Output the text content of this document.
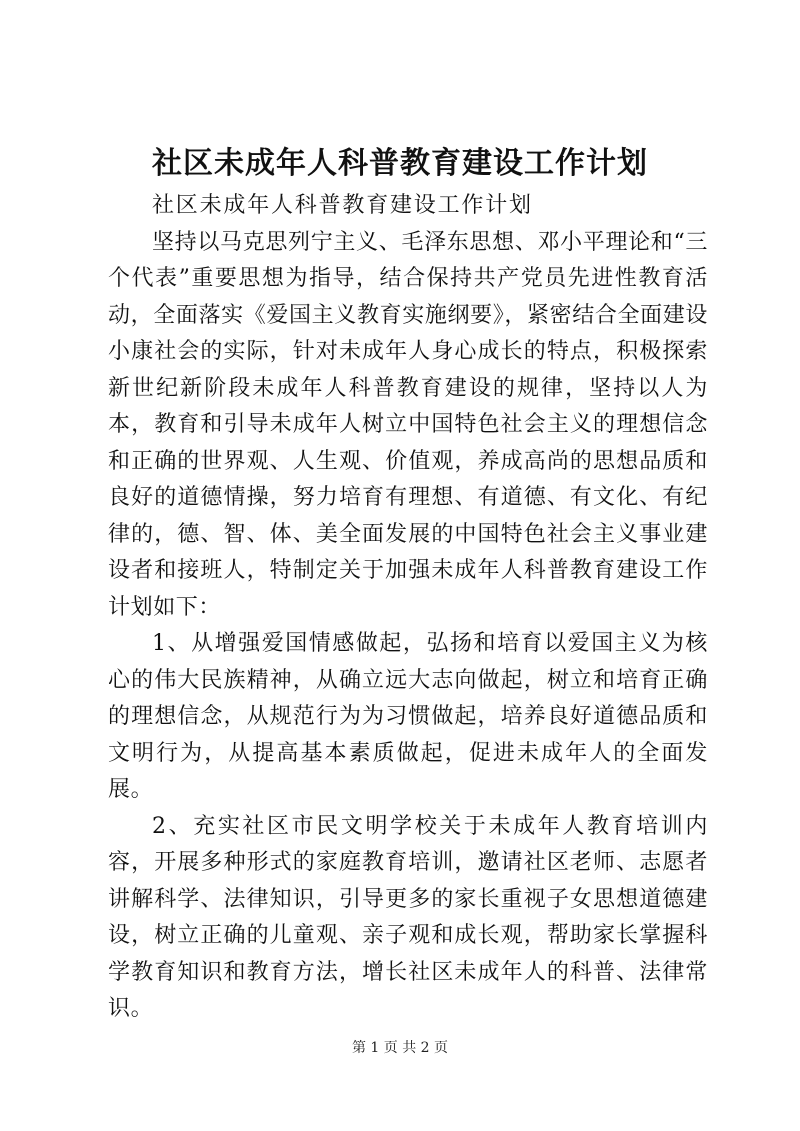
社区未成年人科普教育建设工作计划

社区未成年人科普教育建设工作计划

坚持以马克思列宁主义、毛泽东思想、邓小平理论和“三个代表”重要思想为指导，结合保持共产党员先进性教育活动，全面落实《爱国主义教育实施纲要》，紧密结合全面建设小康社会的实际，针对未成年人身心成长的特点，积极探索新世纪新阶段未成年人科普教育建设的规律，坚持以人为本，教育和引导未成年人树立中国特色社会主义的理想信念和正确的世界观、人生观、价值观，养成高尚的思想品质和良好的道德情操，努力培育有理想、有道德、有文化、有纪律的，德、智、体、美全面发展的中国特色社会主义事业建设者和接班人，特制定关于加强未成年人科普教育建设工作计划如下：

1、从增强爱国情感做起，弘扬和培育以爱国主义为核心的伟大民族精神，从确立远大志向做起，树立和培育正确的理想信念，从规范行为为习惯做起，培养良好道德品质和文明行为，从提高基本素质做起，促进未成年人的全面发展。

2、充实社区市民文明学校关于未成年人教育培训内容，开展多种形式的家庭教育培训，邀请社区老师、志愿者讲解科学、法律知识，引导更多的家长重视子女思想道德建设，树立正确的儿童观、亲子观和成长观，帮助家长掌握科学教育知识和教育方法，增长社区未成年人的科普、法律常识。

第 1 页 共 2 页
